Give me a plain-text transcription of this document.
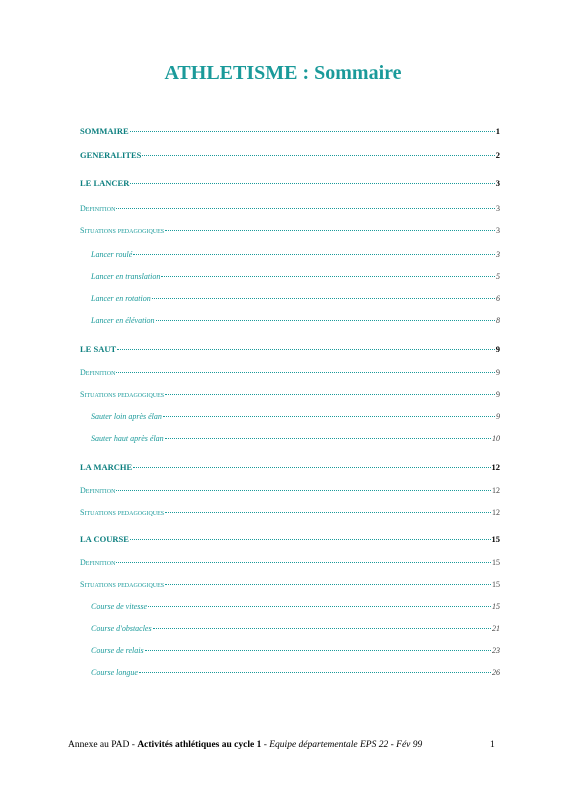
ATHLETISME : Sommaire
SOMMAIRE	1
GENERALITES	2
LE LANCER	3
Definition	3
Situations pedagogiques	3
Lancer roulé	3
Lancer en translation	5
Lancer en rotation	6
Lancer en élévation	8
LE SAUT	9
Definition	9
Situations pedagogiques	9
Sauter loin après élan	9
Sauter haut après élan	10
LA MARCHE	12
Definition	12
Situations pedagogiques	12
LA COURSE	15
Definition	15
Situations pedagogiques	15
Course de vitesse	15
Course d'obstacles	21
Course de relais	23
Course longue	26
Annexe au PAD - Activités athlétiques au cycle 1 - Equipe départementale EPS 22 - Fév 99	1
